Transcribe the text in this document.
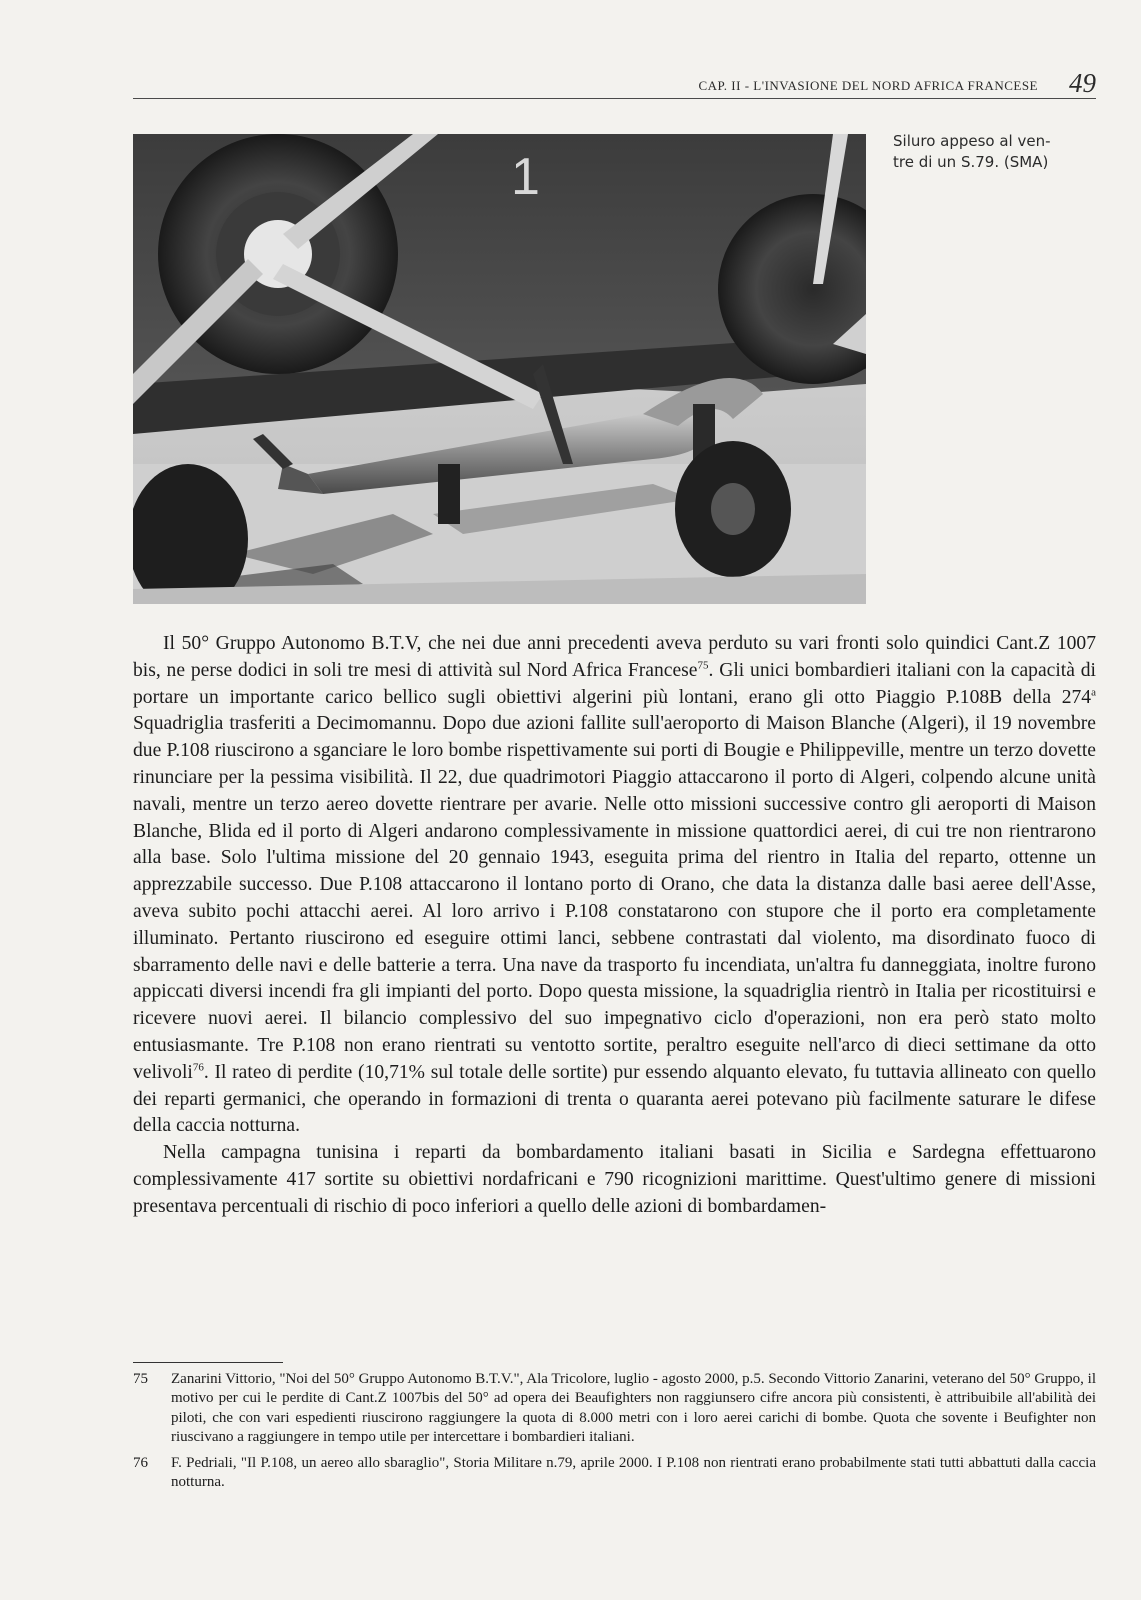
CAP. II - L'INVASIONE DEL NORD AFRICA FRANCESE 49
1
Siluro appeso al ven-
tre di un S.79. (SMA)

Il 50° Gruppo Autonomo B.T.V, che nei due anni precedenti aveva perduto su vari fronti solo quindici Cant.Z 1007 bis, ne perse dodici in soli tre mesi di attività sul Nord Africa Francese$^{75}$. Gli unici bombardieri italiani con la capacità di portare un importante carico bellico sugli obiettivi algerini più lontani, erano gli otto Piaggio P.108B della 274$^a$ Squadriglia trasferiti a Decimomannu. Dopo due azioni fallite sull'aeroporto di Maison Blanche (Algeri), il 19 novembre due P.108 riuscirono a sganciare le loro bombe rispettivamente sui porti di Bougie e Philippeville, mentre un terzo dovette rinunciare per la pessima visibilità. Il 22, due quadrimotori Piaggio attaccarono il porto di Algeri, colpendo alcune unità navali, mentre un terzo aereo dovette rientrare per avarie. Nelle otto missioni successive contro gli aeroporti di Maison Blanche, Blida ed il porto di Algeri andarono complessivamente in missione quattordici aerei, di cui tre non rientrarono alla base. Solo l'ultima missione del 20 gennaio 1943, eseguita prima del rientro in Italia del reparto, ottenne un apprezzabile successo. Due P.108 attaccarono il lontano porto di Orano, che data la distanza dalle basi aeree dell'Asse, aveva subito pochi attacchi aerei. Al loro arrivo i P.108 constatarono con stupore che il porto era completamente illuminato. Pertanto riuscirono ed eseguire ottimi lanci, sebbene contrastati dal violento, ma disordinato fuoco di sbarramento delle navi e delle batterie a terra. Una nave da trasporto fu incendiata, un'altra fu danneggiata, inoltre furono appiccati diversi incendi fra gli impianti del porto. Dopo questa missione, la squadriglia rientrò in Italia per ricostituirsi e ricevere nuovi aerei. Il bilancio complessivo del suo impegnativo ciclo d'operazioni, non era però stato molto entusiasmante. Tre P.108 non erano rientrati su ventotto sortite, peraltro eseguite nell'arco di dieci settimane da otto velivoli$^{76}$. Il rateo di perdite (10,71% sul totale delle sortite) pur essendo alquanto elevato, fu tuttavia allineato con quello dei reparti germanici, che operando in formazioni di trenta o quaranta aerei potevano più facilmente saturare le difese della caccia notturna.

Nella campagna tunisina i reparti da bombardamento italiani basati in Sicilia e Sardegna effettuarono complessivamente 417 sortite su obiettivi nordafricani e 790 ricognizioni marittime. Quest'ultimo genere di missioni presentava percentuali di rischio di poco inferiori a quello delle azioni di bombardamen-

75 Zanarini Vittorio, "Noi del 50° Gruppo Autonomo B.T.V.", Ala Tricolore, luglio - agosto 2000, p.5. Secondo Vittorio Zanarini, veterano del 50° Gruppo, il motivo per cui le perdite di Cant.Z 1007bis del 50° ad opera dei Beaufighters non raggiunsero cifre ancora più consistenti, è attribuibile all'abilità dei piloti, che con vari espedienti riuscirono raggiungere la quota di 8.000 metri con i loro aerei carichi di bombe. Quota che sovente i Beufighter non riuscivano a raggiungere in tempo utile per intercettare i bombardieri italiani.
76 F. Pedriali, "Il P.108, un aereo allo sbaraglio", Storia Militare n.79, aprile 2000. I P.108 non rientrati erano probabilmente stati tutti abbattuti dalla caccia notturna.
